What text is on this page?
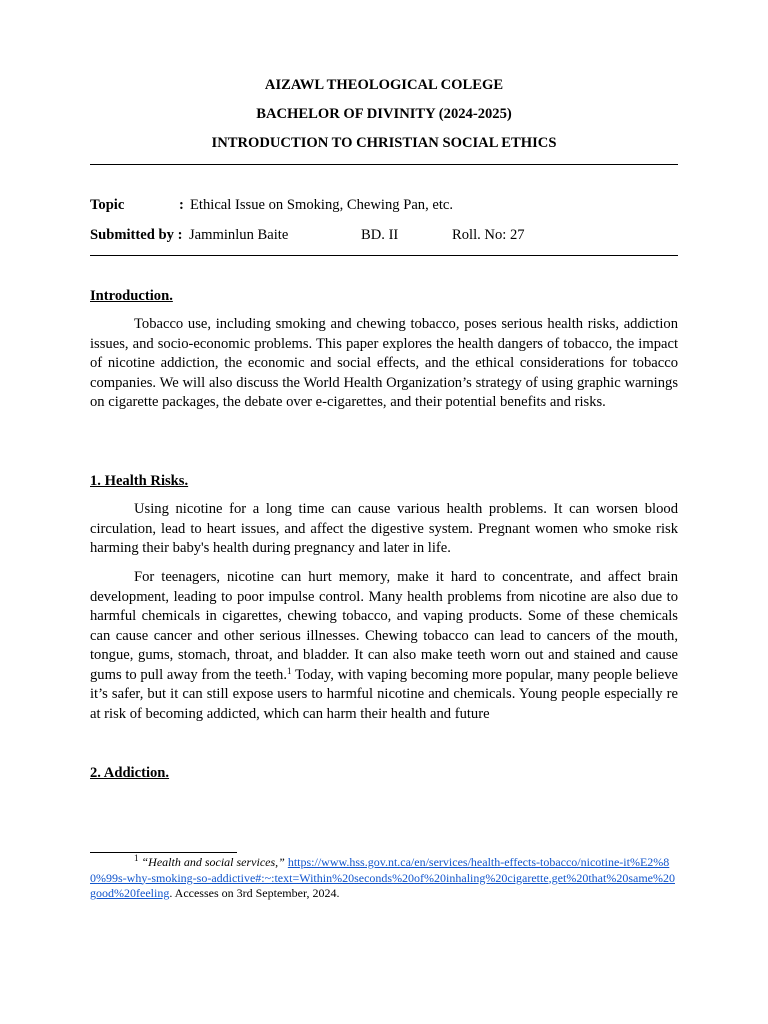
AIZAWL THEOLOGICAL COLEGE
BACHELOR OF DIVINITY (2024-2025)
INTRODUCTION TO CHRISTIAN SOCIAL ETHICS
Topic	: Ethical Issue on Smoking, Chewing Pan, etc.
Submitted by : Jamminlun Baite	BD. II	Roll. No: 27
Introduction.

Tobacco use, including smoking and chewing tobacco, poses serious health risks, addiction issues, and socio-economic problems. This paper explores the health dangers of tobacco, the impact of nicotine addiction, the economic and social effects, and the ethical considerations for tobacco companies. We will also discuss the World Health Organization’s strategy of using graphic warnings on cigarette packages, the debate over e-cigarettes, and their potential benefits and risks.

1. Health Risks.

Using nicotine for a long time can cause various health problems. It can worsen blood circulation, lead to heart issues, and affect the digestive system. Pregnant women who smoke risk harming their baby's health during pregnancy and later in life.

For teenagers, nicotine can hurt memory, make it hard to concentrate, and affect brain development, leading to poor impulse control. Many health problems from nicotine are also due to harmful chemicals in cigarettes, chewing tobacco, and vaping products. Some of these chemicals can cause cancer and other serious illnesses. Chewing tobacco can lead to cancers of the mouth, tongue, gums, stomach, throat, and bladder. It can also make teeth worn out and stained and cause gums to pull away from the teeth.$^1$ Today, with vaping becoming more popular, many people believe it’s safer, but it can still expose users to harmful nicotine and chemicals. Young people especially re at risk of becoming addicted, which can harm their health and future

2. Addiction.
$^1$ “Health and social services,” https://www.hss.gov.nt.ca/en/services/health-effects-tobacco/nicotine-it%E2%80%99s-why-smoking-so-addictive#:~:text=Within%20seconds%20of%20inhaling%20cigarette,get%20that%20same%20good%20feeling. Accesses on 3rd September, 2024.
